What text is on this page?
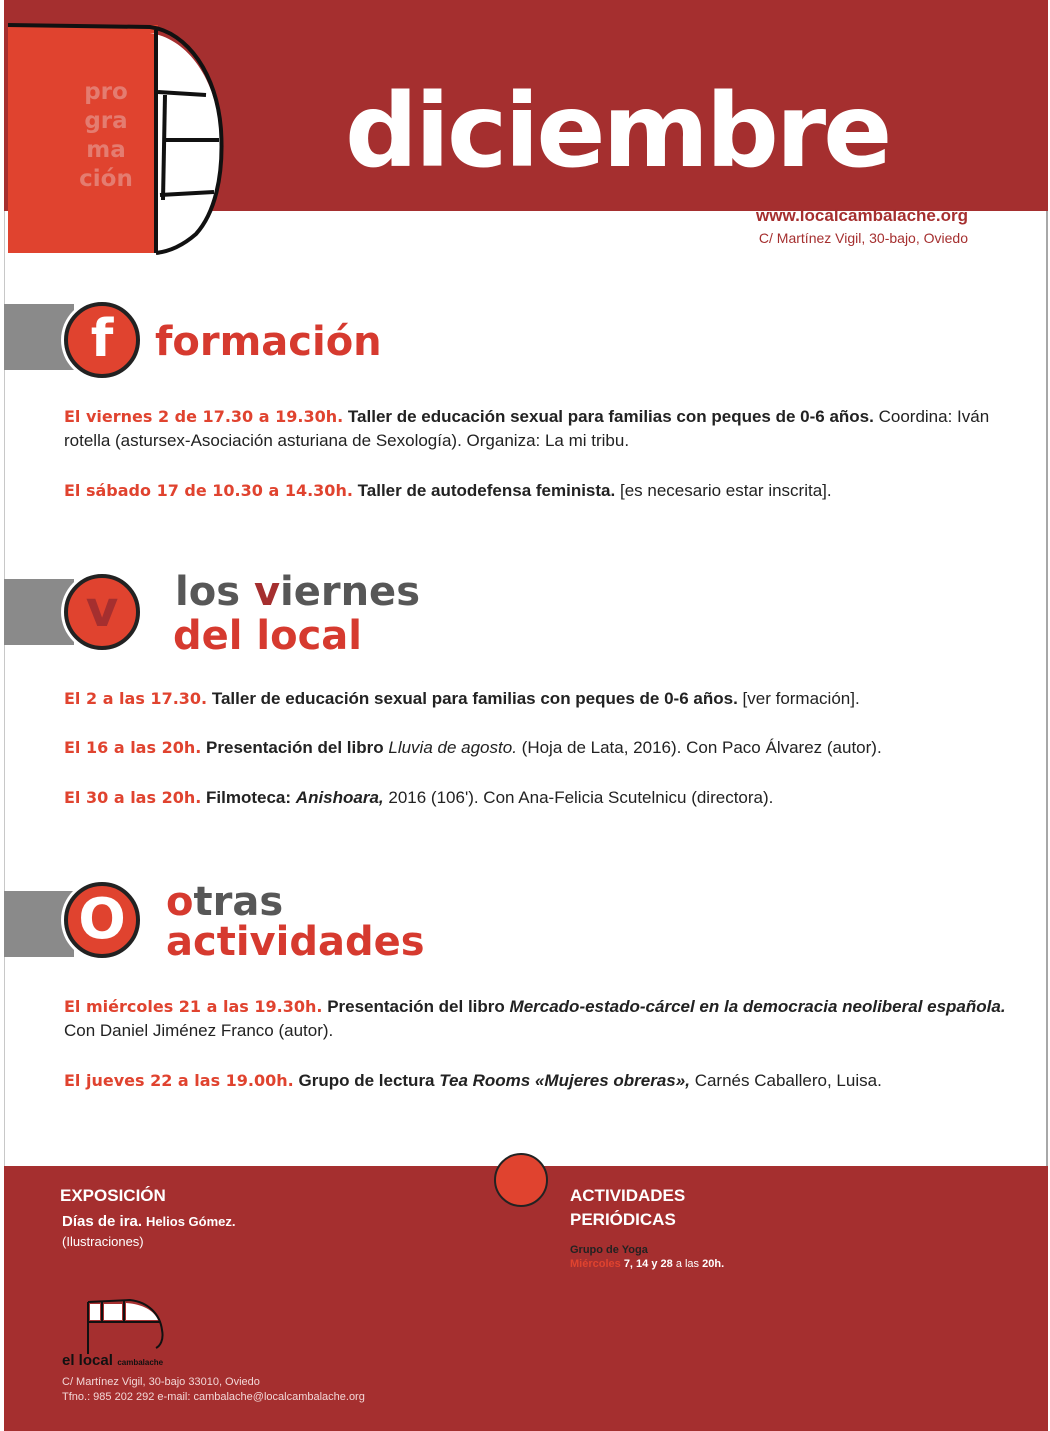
pro
gra
ma
ción diciembre
www.localcambalache.org
C/ Martínez Vigil, 30-bajo, Oviedo
f	formación
El viernes 2 de 17.30 a 19.30h. Taller de educación sexual para familias con peques de 0-6 años. Coordina: Iván rotella (astursex-Asociación asturiana de Sexología). Organiza: La mi tribu.
El sábado 17 de 10.30 a 14.30h. Taller de autodefensa feminista. [es necesario estar inscrita].
v	los viernes
del local
El 2 a las 17.30. Taller de educación sexual para familias con peques de 0-6 años. [ver formación].
El 16 a las 20h. Presentación del libro Lluvia de agosto. (Hoja de Lata, 2016). Con Paco Álvarez (autor).
El 30 a las 20h. Filmoteca: Anishoara, 2016 (106'). Con Ana-Felicia Scutelnicu (directora).
O	otras
actividades
El miércoles 21 a las 19.30h. Presentación del libro Mercado-estado-cárcel en la democracia neoliberal española. Con Daniel Jiménez Franco (autor).
El jueves 22 a las 19.00h. Grupo de lectura Tea Rooms «Mujeres obreras», Carnés Caballero, Luisa.
EXPOSICIÓN
Días de ira. Helios Gómez.
(Ilustraciones)
ACTIVIDADES
PERIÓDICAS
Grupo de Yoga
Miércoles 7, 14 y 28 a las 20h.
el local cambalache
C/ Martínez Vigil, 30-bajo 33010, Oviedo
Tfno.: 985 202 292 e-mail: cambalache@localcambalache.org
